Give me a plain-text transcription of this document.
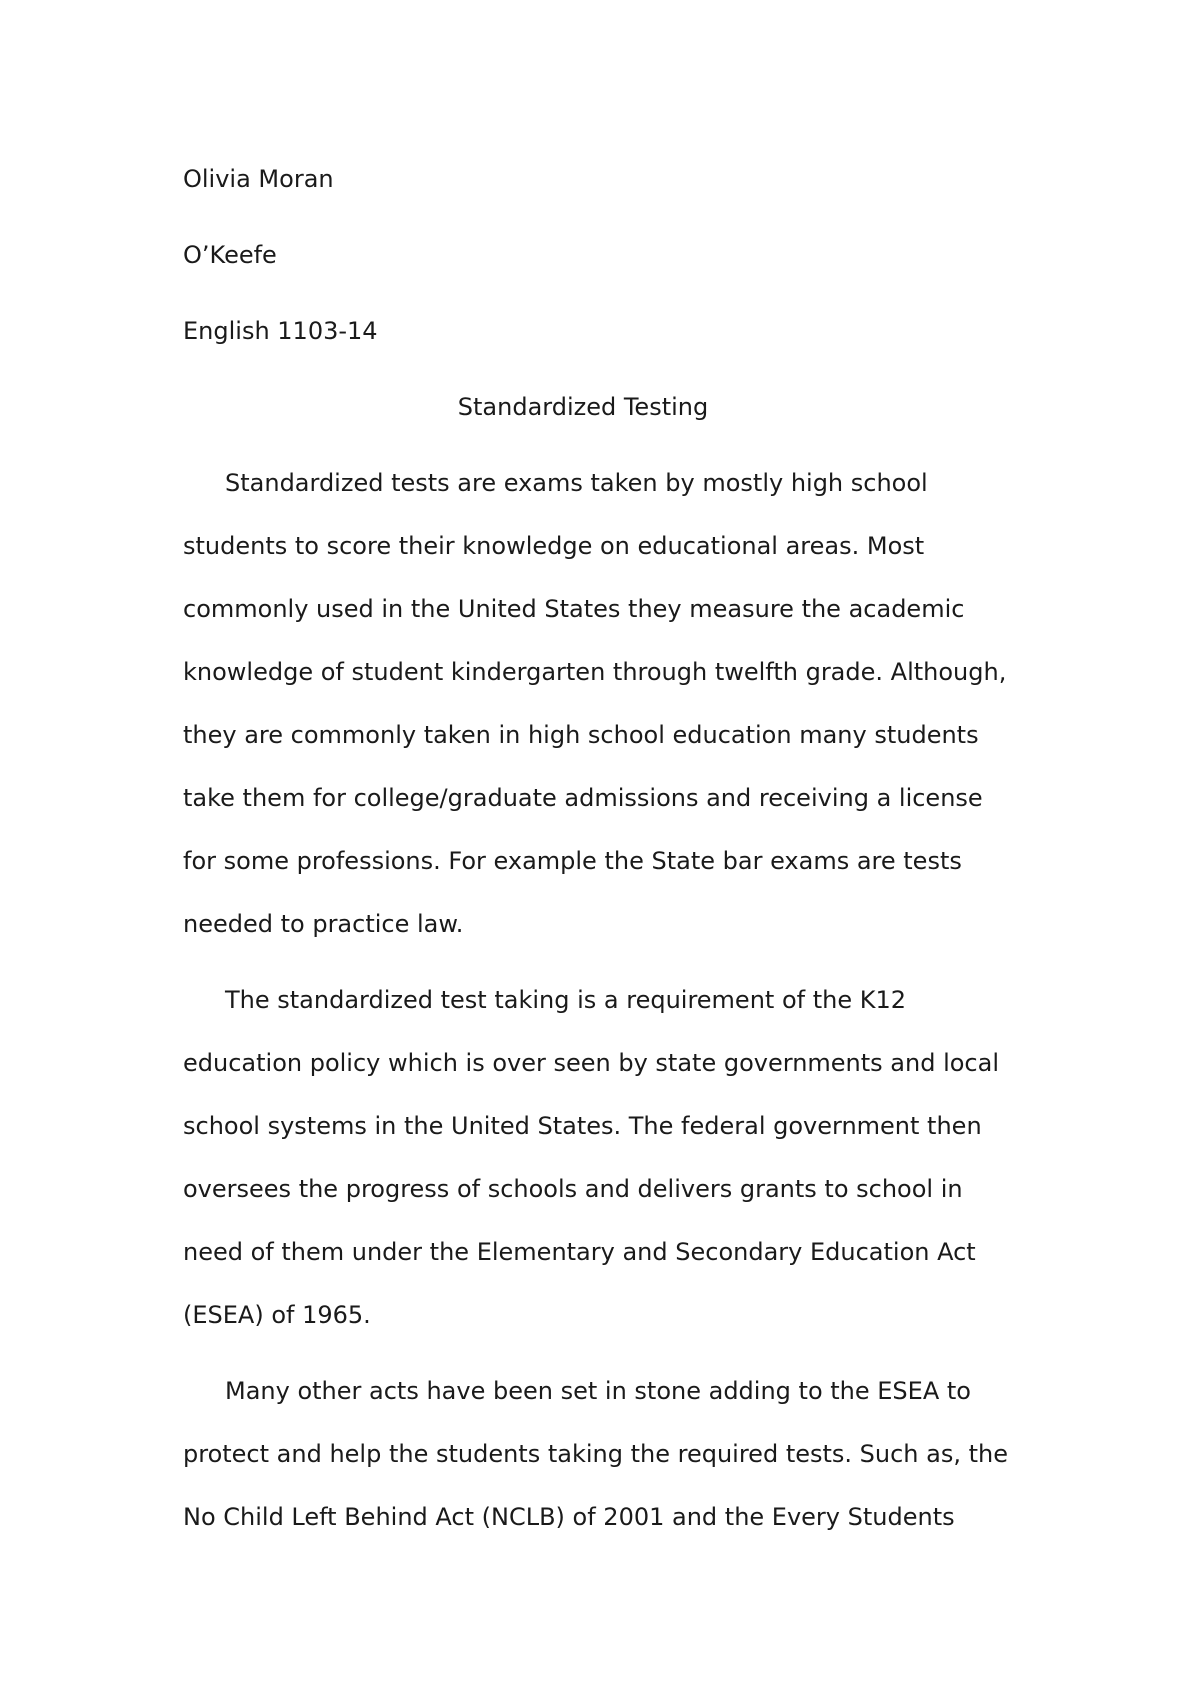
Olivia Moran
O’Keefe
English 1103-14
Standardized Testing
Standardized tests are exams taken by mostly high school
students to score their knowledge on educational areas. Most
commonly used in the United States they measure the academic
knowledge of student kindergarten through twelfth grade. Although,
they are commonly taken in high school education many students
take them for college/graduate admissions and receiving a license
for some professions. For example the State bar exams are tests
needed to practice law.
The standardized test taking is a requirement of the K12
education policy which is over seen by state governments and local
school systems in the United States. The federal government then
oversees the progress of schools and delivers grants to school in
need of them under the Elementary and Secondary Education Act
(ESEA) of 1965.
Many other acts have been set in stone adding to the ESEA to
protect and help the students taking the required tests. Such as, the
No Child Left Behind Act (NCLB) of 2001 and the Every Students
